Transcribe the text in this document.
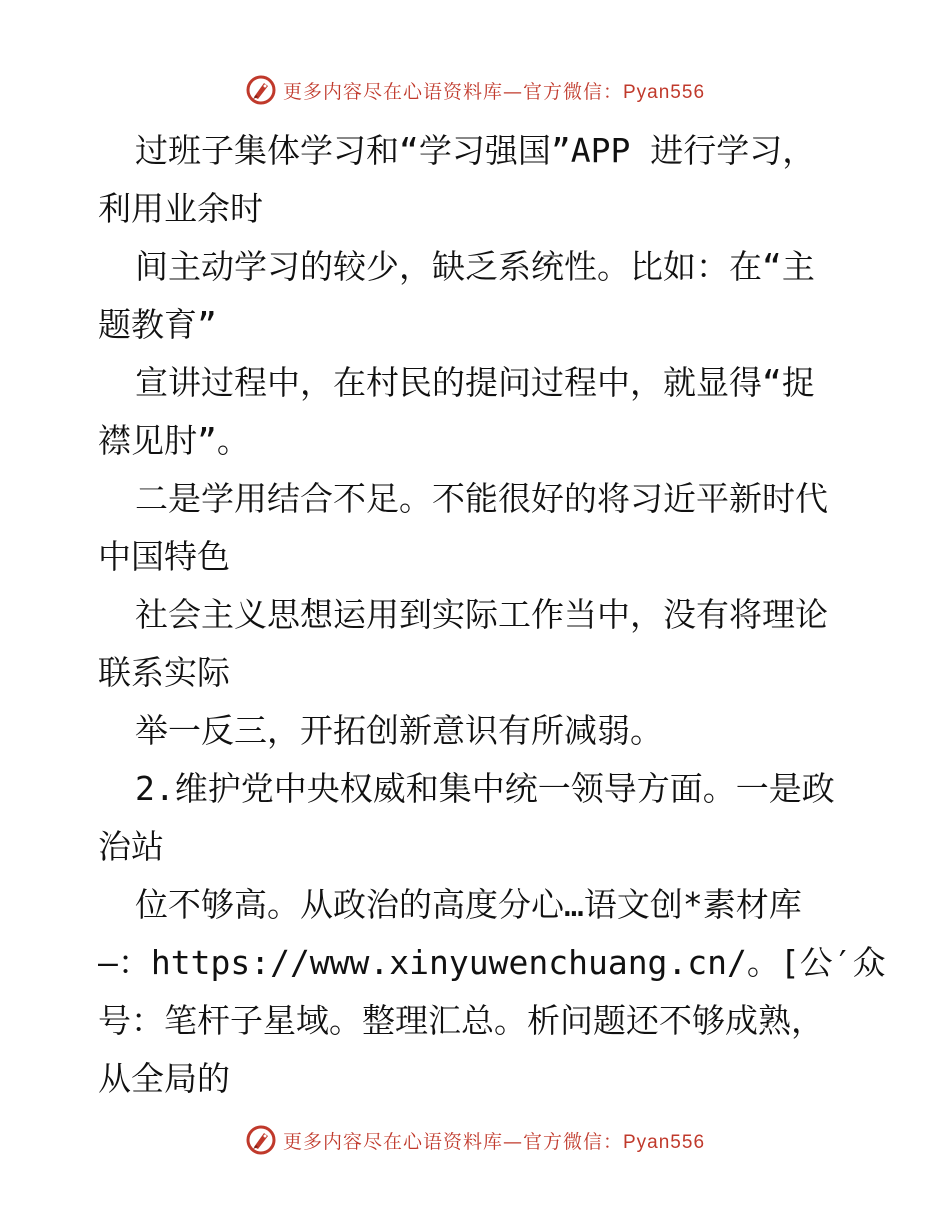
更多内容尽在心语资料库—官方微信：Pyan556

过班子集体学习和“学习强国”APP 进行学习，

利用业余时

间主动学习的较少，缺乏系统性。比如：在“主

题教育”

宣讲过程中，在村民的提问过程中，就显得“捉

襟见肘”。

二是学用结合不足。不能很好的将习近平新时代

中国特色

社会主义思想运用到实际工作当中，没有将理论

联系实际

举一反三，开拓创新意识有所减弱。

2.维护党中央权威和集中统一领导方面。一是政

治站

位不够高。从政治的高度分心…语文创*素材库

—：https://www.xinyuwenchuang.cn/。[公′众

号：笔杆子星域。整理汇总。析问题还不够成熟，

从全局的

更多内容尽在心语资料库—官方微信：Pyan556
